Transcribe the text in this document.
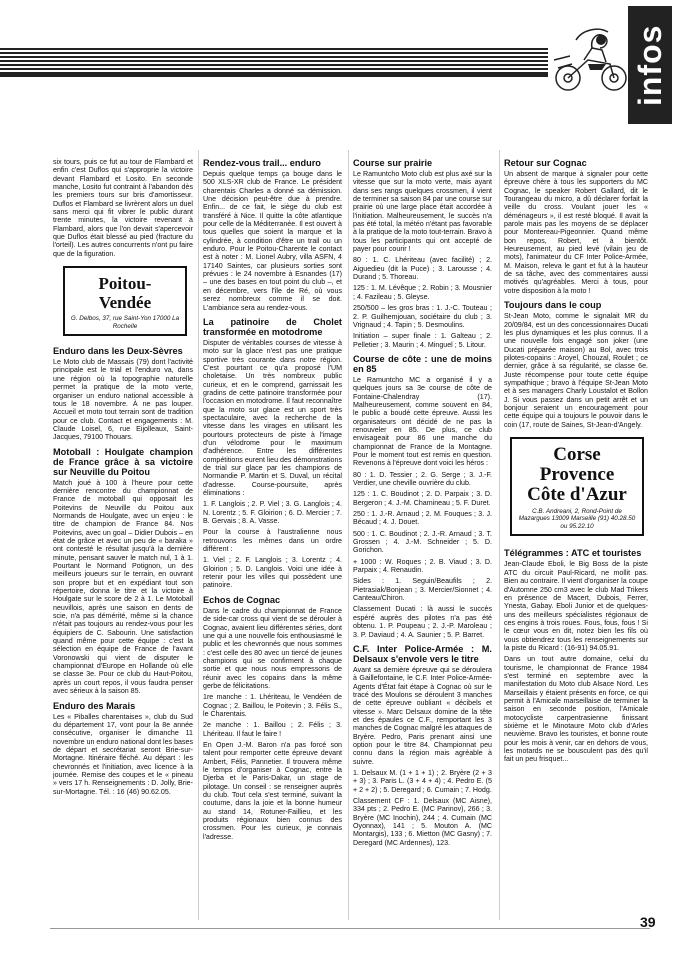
infos

six tours, puis ce fut au tour de Flambard et enfin c'est Duflos qui s'appropriе la victoire devant Flambard et Losito. En seconde manche, Losito fut contraint à l'abandon dès les premiers tours sur bris d'amortisseur. Duflos et Flambard se livrèrent alors un duel sans merci qui fit vibrer le public durant trente minutes, la victoire revenant à Flambard, alors que l'on devait s'apercevoir que Duflos était blessé au pied (fracture du l'orteil). Les autres concurrents n'ont pu faire que de la figuration.

Poitou-
Vendée
G. Delbos, 37, rue Saint-Yon 17000 La Rochelle
Enduro dans les Deux-Sèvres

Le Moto club de Massais (79) dont l'activité principale est le trial et l'enduro va, dans une région où la topographie naturelle permet la pratique de la moto verte, organiser un enduro national accessible à tous le 18 novembre. À ne pas louper. Accueil et moto tout terrain sont de tradition pour ce club. Contact et engagements : M. Claude Loisel, 6, rue Eijolleaux, Saint-Jacques, 79100 Thouars.

Motoball : Houlgate champion de France grâce à sa victoire sur Neuville du Poitou

Match joué à 100 à l'heure pour cette dernière rencontre du championnat de France de motoball qui opposait les Poitevins de Neuville du Poitou aux Normands de Houlgate, avec un enjeu : le titre de champion de France 84. Nos Poitevins, avec un goal – Didier Dubois – en état de grâce et avec un peu de « baraka » ont contesté le résultat jusqu'à la dernière minute, pensant sauver le match nul, 1 à 1. Pourtant le Normand Potignon, un des meilleurs joueurs sur le terrain, en ouvrant son propre but et en expédiant tout son répertoire, donna le titre et la victoire à Houlgate sur le score de 2 à 1. Le Motoball neuvillois, après une saison en dents de scie, n'a pas démérité, même si la chance n'était pas toujours au rendez-vous pour les équipiers de C. Sabourin. Une satisfaction quand même pour cette équipe : c'est la sélection en équipe de France de l'avant Voronowski qui vient de disputer le championnat d'Europe en Hollande où elle se classe 3e. Pour ce club du Haut-Poitou, après un court repos, il vous faudra penser avec sérieux à la saison 85.

Enduro des Marais

Les « Piballes charentaises », club du Sud du département 17, vont pour la 8e année consécutive, organiser le dimanche 11 novembre un enduro national dont les bases de départ et secrétariat seront Brie-sur-Mortagne. Itinéraire fléché. Au départ : les chevronnés et l'initiation, avec licence à la journée. Remise des coupes et le « pineau » vers 17 h. Renseignements : D. Jolly, Brie-sur-Mortagne. Tél. : 16 (46) 90.62.05.

Rendez-vous trail... enduro

Depuis quelque temps ça bouge dans le 500 XLS-XR club de France. Le président charentais Charles a donné sa démission. Une décision peut-être due à prendre. Enfin... de ce fait, le siège du club est transféré à Nice. Il quitte la côte atlantique pour celle de la Méditerranée. Il est ouvert à tous quelles que soient la marque et la cylindrée, à condition d'être un trail ou un enduro. Pour le Poitou-Charente le contact est à noter : M. Lionel Aubry, villa ASFN, 4 17140 Saintes, car plusieurs sorties sont prévues : le 24 novembre à Esnandes (17) – une des bases en tout point du club –, et en décembre, vers l'île de Ré, où vous serez nombreux comme il se doit. L'ambiance sera au rendez-vous.

La patinoire de Cholet transformée en motodrome

Disputer de véritables courses de vitesse à moto sur la glace n'est pas une pratique sportive très courante dans notre région. C'est pourtant ce qu'a proposé l'UM choletaise. Un très nombreux public curieux, et en le comprend, garnissait les gradins de cette patinoire transformée pour l'occasion en motodrome. Il faut reconnaître que la moto sur glace est un sport très spectaculaire, avec la recherche de la vitesse dans les virages en utilisant les pourtours protecteurs de piste à l'image d'un vélodrome pour le maximum d'adhérence. Entre les différentes compétitions eurent lieu des démonstrations de trial sur glace par les champions de Normandie P. Martin et S. Duval, un récital d'adresse. Course-poursuite, après éliminations :

1. F. Langlois ; 2. P. Viel ; 3. G. Langlois ; 4. N. Lorentz ; 5. F. Gloirion ; 6. D. Mercier ; 7. B. Gervais ; 8. A. Vasse.

Pour la course à l'australienne nous retrouvons les mêmes dans un ordre différent :

1. Viel ; 2. F. Langlois ; 3. Lorentz ; 4. Gloirion ; 5. D. Langlois. Voici une idée à retenir pour les villes qui possèdent une patinoire.

Echos de Cognac

Dans le cadre du championnat de France de side-car cross qui vient de se dérouler à Cognac, avaient lieu différentes séries, dont une qui a une nouvelle fois enthousiasmé le public et les chevronnés que nous sommes : c'est celle des 80 avec un tiercé de jeunes champions qui se confirment à chaque sortie et que nous nous empressons de réunir avec les copains dans la même gerbe de félicitations.

1re manche : 1. Lhériteau, le Vendéen de Cognac ; 2. Baillou, le Poitevin ; 3. Félis S., le Charentais.

2e manche : 1. Baillou ; 2. Félis ; 3. Lhériteau. Il faut le faire !

En Open J.-M. Baron n'a pas forcé son talent pour remporter cette épreuve devant Ambert, Félis, Pannetier. Il trouvera même le temps d'organiser à Cognac, entre la Djerba et le Paris-Dakar, un stage de pilotage. Un conseil : se renseigner auprès du club. Tout cela s'est terminé, suivant la coutume, dans la joie et la bonne humeur au stand 14, Rotuner-Faillieu, et les produits régionaux bien connus des crossmen. Pour les curieux, je connais l'adresse.

Course sur prairie

Le Ramuntcho Moto club est plus axé sur la vitesse que sur la moto verte, mais ayant dans ses rangs quelques crossmen, il vient de terminer sa saison 84 par une course sur prairie où une large place était accordée à l'initiation. Malheureusement, le succès n'a pas été total, la météo n'étant pas favorable à la pratique de la moto tout-terrain. Bravo à tous les participants qui ont accepté de payer pour courir !

80 : 1. C. Lhériteau (avec facilité) ; 2. Aiguedieu (dit la Puce) ; 3. Larousse ; 4. Durand ; 5. Thoreau.

125 : 1. M. Lévêque ; 2. Robin ; 3. Mousnier ; 4. Fazileau ; 5. Gleyse.

250/500 – les gros bras : 1. J.-C. Touteau ; 2. P. Guilhemjouan, sociétaire du club ; 3. Vrignaud ; 4. Tapin ; 5. Desmoulins.

Initiation – super finale : 1. Galteau ; 2. Pelletier ; 3. Maurin ; 4. Minguel ; 5. Litour.

Course de côte : une de moins en 85

Le Ramuntcho MC a organisé il y a quelques jours sa 3e course de côte de Fontaine-Chalendray (17). Malheureusement, comme souvent en 84, le public a boudé cette épreuve. Aussi les organisateurs ont décidé de ne pas la renouveler en 85. De plus, ce club envisageait pour 86 une manche du championnat de France de la Montagne. Pour le moment tout est remis en question. Revenons à l'épreuve dont voici les héros :

80 : 1. D. Tessier ; 2. G. Serge ; 3. J.-F. Verdier, une cheville ouvrière du club.

125 : 1. C. Boudinot ; 2. D. Parpaix ; 3. D. Bergeron ; 4. J.-M. Chamineau ; 5. F. Duret.

250 : 1. J.-R. Arnaud ; 2. M. Fouques ; 3. J. Bécaud ; 4. J. Douet.

500 : 1. C. Boudinot ; 2. J.-R. Arnaud ; 3. T. Grossen ; 4. J.-M. Schneider ; 5. D. Gorichon.

+ 1000 : W. Roques ; 2. B. Viaud ; 3. D. Parpaix ; 4. Renaudin.

Sides : 1. Seguin/Beaufils ; 2. Pietrasiak/Bonjean ; 3. Mercier/Sionnet ; 4. Canteau/Chiron.

Classement Ducati : là aussi le succès espéré auprès des pilotes n'a pas été obtenu. 1. P. Poupeau ; 2. J.-P. Maroleau ; 3. P. Daviaud ; 4. A. Saunier ; 5. P. Barret.

C.F. Inter Police-Armée : M. Delsaux s'envole vers le titre

Avant sa dernière épreuve qui se déroulera à Gaillefontaine, le C.F. Inter Police-Armée-Agents d'État fait étape à Cognac où sur le tracé des Moulons se déroulent 3 manches de cette épreuve oubliant « décibels et vitesse ». Marc Delsaux domine de la tête et des épaules ce C.F., remportant les 3 manches de Cognac malgré les attaques de Bryère. Pedro, Paris prenant ainsi une option pour le titre 84. Championnat peu connu dans la région mais agréable à suivre.

1. Delsaux M. (1 + 1 + 1) ; 2. Bryère (2 + 3 + 3) ; 3. Paris L. (3 + 4 + 4) ; 4. Pedro E. (5 + 2 + 2) ; 5. Deregard ; 6. Cumain ; 7. Hodg.

Classement CF : 1. Delsaux (MC Aisne), 334 pts ; 2. Pedro E. (MC Parinov), 266 ; 3. Bryère (MC Inochin), 244 ; 4. Cumain (MC Oyonnax), 141 ; 5. Mouton A. (MC Montargis), 133 ; 6. Mietton (MC Gasny) ; 7. Deregard (MC Ardennes), 123.

Retour sur Cognac

Un absent de marque à signaler pour cette épreuve chère à tous les supporters du MC Cognac, le speaker Robert Gallard, dit le Tourangeau du micro, a dû déclarer forfait la veille du cross. Voulant jouer les « déménageurs », il est resté bloqué. Il avait la parole mais pas les moyens de se déplacer pour Montereau-Pigeonnier. Quand même bon repos, Robert, et à bientôt. Heureusement, au pied levé (vilain jeu de mots), l'animateur du CF Inter Police-Armée, M. Maison, relevа le gant et fut à la hauteur de sa tâche, avec des commentaires aussi motivés qu'agréables. Merci à tous, pour votre disposition à la moto !

Toujours dans le coup

St-Jean Moto, comme le signalait MR du 20/09/84, est un des concessionnaires Ducati les plus dynamiques et les plus connus. Il a une nouvelle fois engagé son joker (une Ducati préparée maison) au Bol, avec trois pilotes-copains : Aroyel, Chouzal, Roulet ; ce dernier, grâce à sa régularité, se classe 6e. Juste récompense pour toute cette équipe sympathique ; bravo à l'équipe St-Jean Moto et à ses managers Charly Loustalot et Bollon J. Si vous passez dans un petit arrêt et un bonjour seraient un encouragement pour cette équipe qui a toujours le pouvoir dans le coin (17, route de Saines, St-Jean-d'Angely.

Corse
Provence
Côte d'Azur
C.B. Andreani, 2, Rond-Point de Mazargues 13009 Marseille (91) 40.28.50 ou 95.22.10
Télégrammes : ATC et touristes

Jean-Claude Eboli, le Big Boss de la piste ATC du circuit Paul-Ricard, ne mollit pas. Bien au contraire. Il vient d'organiser la coupe d'Automne 250 cm3 avec le club Mad Trikers en présence de Macert, Dubois, Ferrer, Ynesta, Gabay. Eboli Junior et de quelques-uns des meilleurs spécialistes régionaux de ces engins à trois roues. Fous, fous, fous ! Si le cœur vous en dit, notez bien les fils où vous obtiendrez tous les renseignements sur la piste du Ricard : (16-91) 94.05.91.

Dans un tout autre domaine, celui du tourisme, le championnat de France 1984 s'est terminé en septembre avec la manifestation du Moto club Alsace Nord. Les Marseillais y étaient présents en force, ce qui permit à l'Amicale marseillaise de terminer la saison en seconde position, l'Amicale motocycliste carpentrasienne finissant sixième et le Minotaure Moto club d'Arles neuvième. Bravo les touristes, et bonne route pour les mois à venir, car en dehors de vous, les motards ne se bousculent pas dès qu'il fait un peu frisquet...

39
